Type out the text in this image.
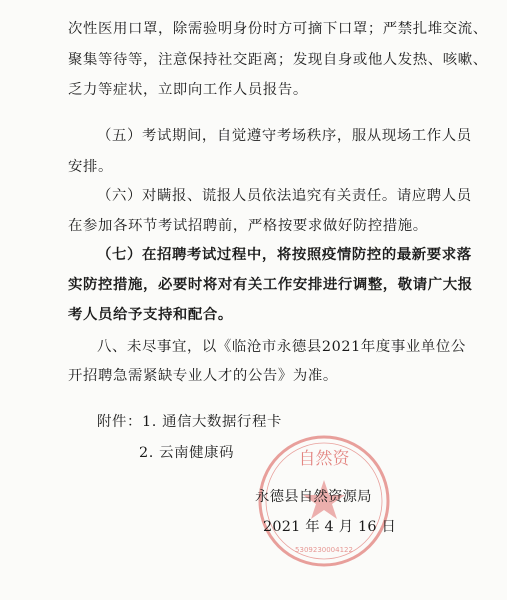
次性医用口罩，除需验明身份时方可摘下口罩；严禁扎堆交流、
聚集等待等，注意保持社交距离；发现自身或他人发热、咳嗽、
乏力等症状，立即向工作人员报告。
（五）考试期间，自觉遵守考场秩序，服从现场工作人员
安排。
（六）对瞒报、谎报人员依法追究有关责任。请应聘人员
在参加各环节考试招聘前，严格按要求做好防控措施。
（七）在招聘考试过程中，将按照疫情防控的最新要求落
实防控措施，必要时将对有关工作安排进行调整，敬请广大报
考人员给予支持和配合。
八、未尽事宜，以《临沧市永德县2021年度事业单位公
开招聘急需紧缺专业人才的公告》为准。
附件：1. 通信大数据行程卡
2. 云南健康码	自然资
5309230004122
永德县自然资源局
2021 年 4 月 16 日
